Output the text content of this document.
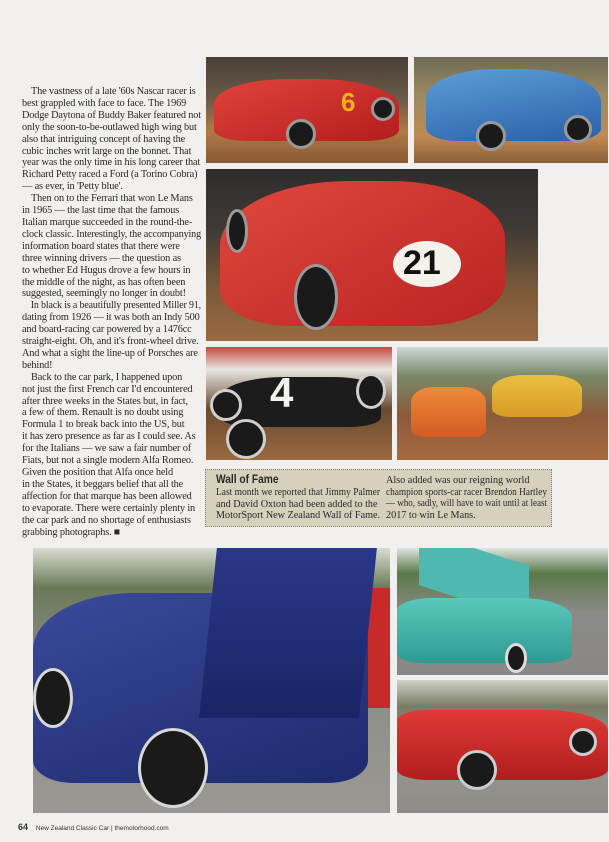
The vastness of a late '60s Nascar racer is
best grappled with face to face. The 1969
Dodge Daytona of Buddy Baker featured not
only the soon-to-be-outlawed high wing but
also that intriguing concept of having the
cubic inches writ large on the bonnet. That
year was the only time in his long career that
Richard Petty raced a Ford (a Torino Cobra)
— as ever, in 'Petty blue'.

Then on to the Ferrari that won Le Mans
in 1965 — the last time that the famous
Italian marque succeeded in the round-the-
clock classic. Interestingly, the accompanying
information board states that there were
three winning drivers — the question as
to whether Ed Hugus drove a few hours in
the middle of the night, as has often been
suggested, seemingly no longer in doubt!

In black is a beautifully presented Miller 91,
dating from 1926 — it was both an Indy 500
and board-racing car powered by a 1476cc
straight-eight. Oh, and it's front-wheel drive.
And what a sight the line-up of Porsches are
behind!

Back to the car park, I happened upon
not just the first French car I'd encountered
after three weeks in the States but, in fact,
a few of them. Renault is no doubt using
Formula 1 to break back into the US, but
it has zero presence as far as I could see. As
for the Italians — we saw a fair number of
Fiats, but not a single modern Alfa Romeo.
Given the position that Alfa once held
in the States, it beggars belief that all the
affection for that marque has been allowed
to evaporate. There were certainly plenty in
the car park and no shortage of enthusiasts
grabbing photographs. ■

6
21
4
Wall of Fame
Last month we reported that Jimmy Palmer
and David Oxton had been added to the
MotorSport New Zealand Wall of Fame.
Also added was our reigning world
champion sports-car racer Brendon Hartley
— who, sadly, will have to wait until at least
2017 to win Le Mans.
64 New Zealand Classic Car | themotorhood.com
